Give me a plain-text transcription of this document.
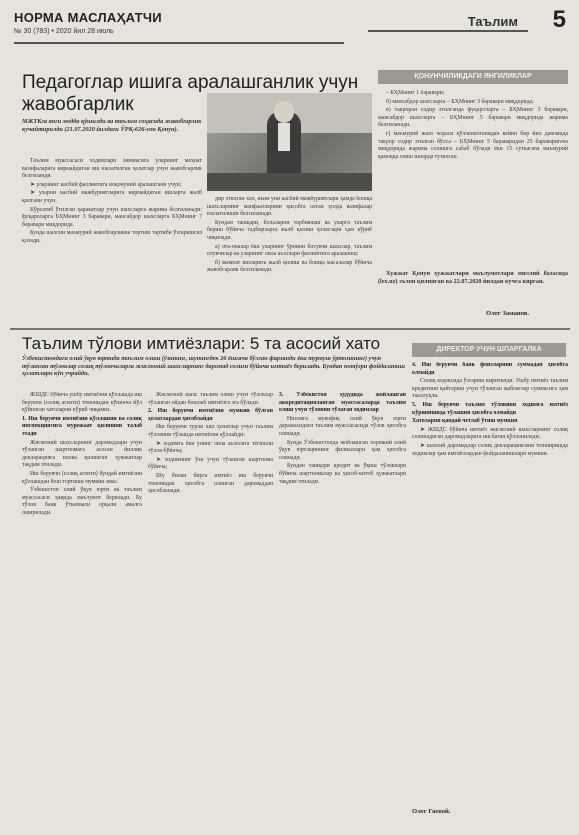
НОРМА МАСЛАҲАТЧИ
№ 30 (783) • 2020 йил 28 июль
Таълим	5
Педагоглар ишига аралашганлик учун жавобгарлик
МЖТКга янги модда қўшилди ва таълим соҳасида жавобгарлик кучайтирилди (21.07.2020 йилдаги ЎРҚ-626-сон Қонун).

Таълим муассасаси ходимлари зиммасига уларнинг меҳнат вазифаларига кирмайдиган иш юклатилган ҳолатлар учун жавобгарлик белгиланди.

➤ уларнинг касбий фаолиятига ноқонуний аралашгани учун;

➤ уларни касбий мажбуриятларига кирмайдиган ишларга жалб қилгани учун.

Кўрсатиб ўтилган ҳаракатлар учун шахсларга жарима белгиланади: фуқароларга БҲМнинг 3 баравари, мансабдор шахсларга БҲМнинг 7 баравари миқдорида.

Бунда шахсни маъмурий жавобгарликка тортиш тартиби ўзгаришсиз қолади.

дир этилган хол, яъни уни касбий мажбуриятлари ҳамда бошқа шахсларнинг манфаатларини ҳисобга олган ҳолда вазифалар юклатилиши белгиланади.

Бундан ташқари, болаларни тарбиялаш ва уларга таълим бериш бўйича тадбирларга жалб қилиш ҳолатлари ҳам кўриб чиқилади.

а) ота-оналар ёки уларнинг ўрнини босувчи шахслар, таълим олувчилар ва уларнинг оила аъзолари фаолиятига аралашиш;

б) жамоат ишларига жалб қилиш ва бошқа масалалар бўйича жавобгарлик белгиланади.

ҚОНУНЧИЛИКДАГИ ЯНГИЛИКЛАР

– БҲМнинг 1 баравари;

б) мансабдор шахсларга – БҲМнинг 3 баравари миқдорида;

в) такроран содир этилганда фуқароларга – БҲМнинг 3 баравари, мансабдор шахсларга – БҲМнинг 5 баравари миқдорида жарима белгиланади.

г) маъмурий жазо чораси қўлланилганидан кейин бир йил давомида такрор содир этилган бўлса – БҲМнинг 5 бараваридан 25 бараваригача миқдорида жарима солишга сабаб бўлади ёки 15 суткагача маъмурий қамоққа олиш назарда тутилган.

Хужжат Қонун ҳужжатлари маълумотлари миллий базасида (lex.uz) эълон қилинган ва 22.07.2020 йилдан кучга кирган.

Олег Заманов.
Таълим тўлови имтиёзлари: 5 та асосий хато
Ўзбекистондаги олий ўқув юртида таълим олиш (ўзининг, шунингдек 26 ёшгача бўлган фарзанди ёки турмуш ўртоғининг) учун тўланган тўловлар солиқ тўловчиларга жисмоний шахсларнинг даромад солиғи бўйича имтиёз берилади. Бундан нотўғри фойдаланиш ҳолатлари кўп учрайди.
ДИРЕКТОР УЧУН ШПАРГАЛКА

ЖШДС бўйича ушбу имтиёзни қўллашда иш берувчи (солиқ агенти) томонидан кўпинча йўл қўйилган хатоларни кўриб чиқамиз.

1. Иш берувчи имтиёзни қўллашни ва солиқ инспекциясига мурожаат қилишни талаб этади

Жисмоний шахсларнинг даромадлари учун тўланган шартномага асосан йиллик декларацияга илова қилинган ҳужжатлар тақдим этилади.

Иш берувчи (солиқ агенти) бундай имтиёзни қўллашдан бош тортиши мумкин эмас.

Ўзбекистон олий ўқув юрти ва таълим муассасаси ҳақида маълумот берилади. Бу тўлов банк ўтказмаси орқали амалга оширилади.

Жисмоний шахс таълим олиш учун тўловлар тўланган ойдан бошлаб имтиёзга эга бўлади.

2. Иш берувчи имтиёзни мумкин бўлган ҳолатлардан ҳисоблайди

Иш берувчи турли хил ҳолатлар учун таълим тўловини тўлашда имтиёзни қўллайди:

➤ ходимга ёки унинг оила аъзосига тегишли тўлов бўйича;

➤ ходимнинг ўзи учун тўланган шартнома бўйича;

Шу билан бирга имтиёз иш берувчи томонидан ҳисобга олинган даромаддан ҳисобланади.

3. Ўзбекистон ҳудудида жойлашган аккредитацияланган муассасаларда таълим олиш учун тўловни тўлаган ходимлар

Низомга мувофиқ олий ўқув юрти даражасидаги таълим муассасасида тўлов ҳисобга олинади.

Бунда Ўзбекистонда жойлашган хорижий олий ўқув юртларининг филиаллари ҳам ҳисобга олинади.

Бундан ташқари кредит ва ўқиш тўловлари бўйича шартномалар ва ҳисоб-китоб ҳужжатлари тақдим этилади.

4. Иш берувчи банк фоизларини суммадан ҳисобга олмайди

Солиқ кодексида ўзгариш киритилди. Ушбу имтиёз таълим кредитини қайтариш учун тўланган маблағлар суммасига ҳам тааллуқли.

5. Иш берувчи таълим тўловини ходимга имтиёз кўринишида тўлашни ҳисобга олмайди

Хатоларни қандай четлаб ўтиш мумкин

➤ ЖШДС бўйича имтиёз жисмоний шахсларнинг солиқ солинадиган даромадларига нисбатан қўлланилади;

➤ шахсий даромадлар солиқ декларациясини топширишда ходимлар ҳам имтиёзлардан фойдаланишлари мумкин.

Олег Гаевой.
